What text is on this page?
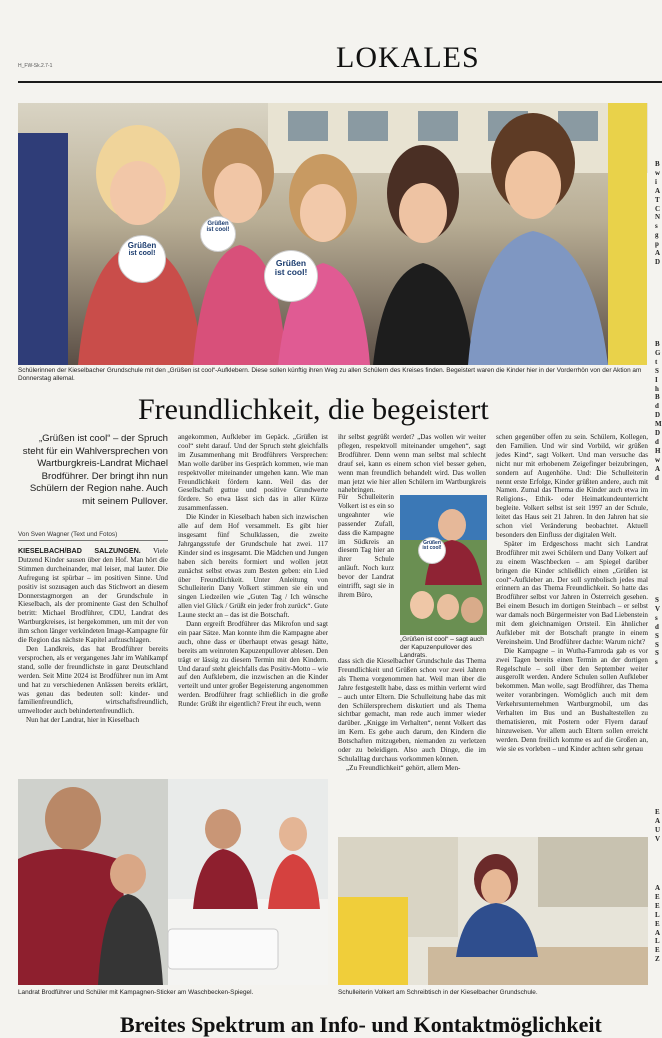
H_FW-Sk.2.7-1	LOKALES
Grüßen
ist cool!
Grüßen
ist cool!
Grüßen
ist cool!
Schülerinnen der Kieselbacher Grundschule mit den „Grüßen ist cool“-Aufklebern. Diese sollen künftig ihren Weg zu allen Schülern des Kreises finden. Begeistert waren die Kinder hier in der Vorderrhön von der Aktion am Donnerstag allemal.
Freundlichkeit, die begeistert
„Grüßen ist cool“ – der Spruch steht für ein Wahlversprechen von Wartburgkreis-Landrat Michael Brodführer. Der bringt ihn nun Schülern der Region nahe. Auch mit seinem Pullover.
Von Sven Wagner (Text und Fotos)

KIESELBACH/BAD SALZUNGEN. Viele Dutzend Kinder sausen über den Hof. Man hört die Stimmen durcheinander, mal leiser, mal lauter. Die Aufregung ist spürbar – im positiven Sinne. Und positiv ist sozusagen auch das Stichwort an diesem Donnerstagmorgen an der Grundschule in Kieselbach, als der prominente Gast den Schulhof betritt: Michael Brodführer, CDU, Landrat des Wartburgkreises, ist hergekommen, um mit der von ihm schon länger verkündeten Image-Kampagne für die Region das nächste Kapitel aufzuschlagen.

Den Landkreis, das hat Brodführer bereits versprochen, als er vergangenes Jahr im Wahlkampf stand, solle der freundlichste in ganz Deutschland werden. Seit Mitte 2024 ist Brodführer nun im Amt und hat zu verschiedenen Anlässen bereits erklärt, was genau das bedeuten soll: kinder- und familienfreundlich, wirtschaftsfreundlich, umweltoder auch behindertenfreundlich.

Nun hat der Landrat, hier in Kieselbach

angekommen, Aufkleber im Gepäck. „Grüßen ist cool“ steht darauf. Und der Spruch steht gleichfalls im Zusammenhang mit Brodführers Versprechen: Man wolle darüber ins Gespräch kommen, wie man respektvoller miteinander umgehen kann. Wie man Freundlichkeit fördern kann. Weil das der Gesellschaft guttue und positive Grundwerte fördere. So etwa lässt sich das in aller Kürze zusammenfassen.

Die Kinder in Kieselbach haben sich inzwischen alle auf dem Hof versammelt. Es gibt hier insgesamt fünf Schulklassen, die zweite Jahrgangsstufe der Grundschule hat zwei. 117 Kinder sind es insgesamt. Die Mädchen und Jungen haben sich bereits formiert und wollen jetzt zunächst selbst etwas zum Besten geben: ein Lied über Freundlichkeit. Unter Anleitung von Schulleiterin Dany Volkert stimmen sie ein und singen Liedzeilen wie „Guten Tag / Ich wünsche allen viel Glück / Grüßt ein jeder froh zurück“. Gute Laune steckt an – das ist die Botschaft.

Dann ergreift Brodführer das Mikrofon und sagt ein paar Sätze. Man konnte ihm die Kampagne aber auch, ohne dass er überhaupt etwas gesagt hätte, bereits am weinroten Kapuzenpullover ablesen. Den trägt er lässig zu diesem Termin mit den Kindern. Und darauf steht gleichfalls das Positiv-Motto – wie auf den Aufklebern, die inzwischen an die Kinder verteilt und unter großer Begeisterung angenommen werden. Brodführer fragt schließlich in die große Runde: Grüßt ihr eigentlich? Freut ihr euch, wenn

ihr selbst gegrüßt werdet? „Das wollen wir weiter pflegen, respektvoll miteinander umgehen“, sagt Brodführer. Denn wenn man selbst mal schlecht drauf sei, kann es einem schon viel besser gehen, wenn man freundlich behandelt wird. Das wollen man jetzt wie hier allen Schülern im Wartburgkreis nahebringen.

Für Schulleiterin Volkert ist es ein so ungeahnter wie passender Zufall, dass die Kampagne im Südkreis an diesem Tag hier an ihrer Schule anläuft. Noch kurz bevor der Landrat eintrifft, sagt sie in ihrem Büro,

Grüßen
ist cool!
„Grüßen ist cool“ – sagt auch der Kapuzenpullover des Landrats.

dass sich die Kieselbacher Grundschule das Thema Freundlichkeit und Grüßen schon vor zwei Jahren als Thema vorgenommen hat. Weil man über die Jahre festgestellt habe, dass es mithin verlernt wird – auch unter Eltern. Die Schulleitung habe das mit den Schülersprechern diskutiert und als Thema sichtbar gemacht, man rede auch immer wieder darüber. „Knigge im Verhalten“, nennt Volkert das im Kern. Es gehe auch darum, den Kindern die Botschaften mitzugeben, niemanden zu verletzen oder zu beleidigen. Also auch Dinge, die im Schulalltag durchaus vorkommen können.

„Zu Freundlichkeit“ gehört, allem Men-

schen gegenüber offen zu sein. Schülern, Kollegen, den Familien. Und wir sind Vorbild, wir grüßen jedes Kind“, sagt Volkert. Und man versuche das nicht nur mit erhobenem Zeigefinger beizubringen, sondern auf Augenhöhe. Und: Die Schulleiterin nennt erste Erfolge, Kinder grüßten andere, auch mit Namen. Zumal das Thema die Kinder auch etwa im Religions-, Ethik- oder Heimatkundeunterricht begleite. Volkert selbst ist seit 1997 an der Schule, leitet das Haus seit 21 Jahren. In den Jahren hat sie schon viel Veränderung beobachtet. Aktuell besonders den Einfluss der digitalen Welt.

Später im Erdgeschoss macht sich Landrat Brodführer mit zwei Schülern und Dany Volkert auf zu einem Waschbecken – am Spiegel darüber bringen die Kinder schließlich einen „Grüßen ist cool“-Aufkleber an. Der soll symbolisch jedes mal erinnern an das Thema Freundlichkeit. So hatte das Brodführer selbst vor Jahren in Österreich gesehen. Bei einem Besuch im dortigen Steinbach – er selbst war damals noch Bürgermeister von Bad Liebenstein mit dem gleichnamigen Ortsteil. Ein ähnlicher Aufkleber mit der Botschaft prangte in einem Vereinsheim. Und Brodführer dachte: Warum nicht?

Die Kampagne – in Wutha-Farnroda gab es vor zwei Tagen bereits einen Termin an der dortigen Regelschule – soll über den September weiter ausgerollt werden. Andere Schulen sollen Aufkleber bekommen. Man wolle, sagt Brodführer, das Thema weiter voranbringen. Womöglich auch mit dem Verkehrsunternehmen Wartburgmobil, um das Verhalten im Bus und an Bushaltestellen zu thematisieren, mit Postern oder Flyern darauf hinzuweisen. Vor allem auch Eltern sollen erreicht werden. Denn freilich komme es auf die Großen an, wie sie es vorleben – und Kinder achten sehr genau

Landrat Brodführer und Schüler mit Kampagnen-Sticker am Waschbecken-Spiegel.	Schulleiterin Volkert am Schreibtisch in der Kieselbacher Grundschule.
B
w
i
A
T
C
N
s
g
p
A
D
B
G
t
S
I
h
B
d
D
M
D
d
H
w
A
d
S
V
s
d
S
S
S
s
E
A
U
V
A
E
E
L
E
A
L
E
Z
Breites Spektrum an Info- und Kontaktmöglichkeit
